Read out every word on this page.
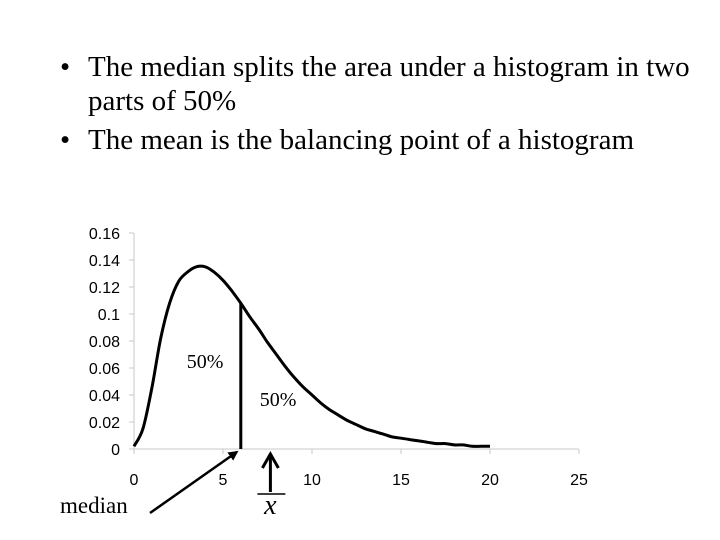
• The median splits the area under a histogram in two parts of 50%
• The mean is the balancing point of a histogram
0
0.02
0.04
0.06
0.08
0.1
0.12
0.14
0.16
0	5	10	15	20	25
50%
50%
median	x
